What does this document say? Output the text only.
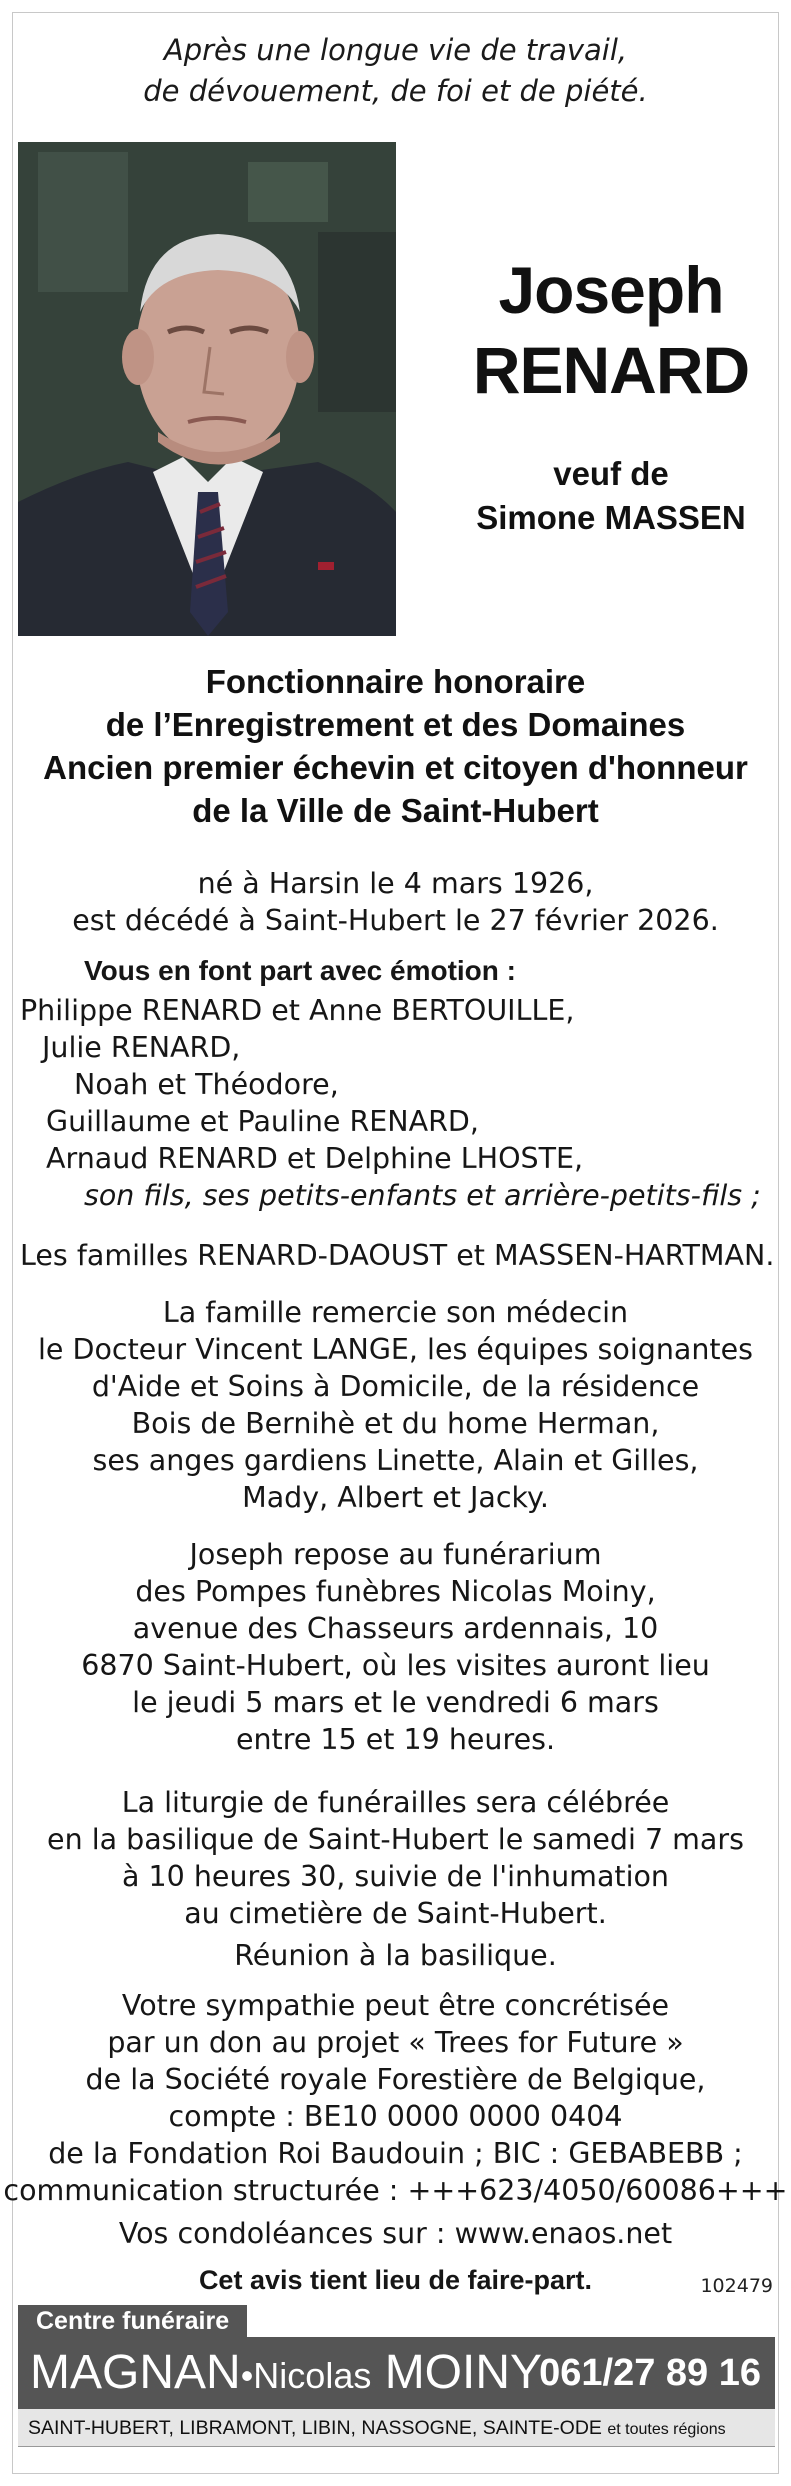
Après une longue vie de travail,
de dévouement, de foi et de piété.
Joseph
RENARD
veuf de
Simone MASSEN
Fonctionnaire honoraire
de l’Enregistrement et des Domaines
Ancien premier échevin et citoyen d'honneur
de la Ville de Saint-Hubert
né à Harsin le 4 mars 1926,
est décédé à Saint-Hubert le 27 février 2026.
Vous en font part avec émotion :
Philippe RENARD et Anne BERTOUILLE,
Julie RENARD,
Noah et Théodore,
Guillaume et Pauline RENARD,
Arnaud RENARD et Delphine LHOSTE,
son fils, ses petits-enfants et arrière-petits-fils ;
Les familles RENARD-DAOUST et MASSEN-HARTMAN.
La famille remercie son médecin
le Docteur Vincent LANGE, les équipes soignantes
d'Aide et Soins à Domicile, de la résidence
Bois de Bernihè et du home Herman,
ses anges gardiens Linette, Alain et Gilles,
Mady, Albert et Jacky.
Joseph repose au funérarium
des Pompes funèbres Nicolas Moiny,
avenue des Chasseurs ardennais, 10
6870 Saint-Hubert, où les visites auront lieu
le jeudi 5 mars et le vendredi 6 mars
entre 15 et 19 heures.
La liturgie de funérailles sera célébrée
en la basilique de Saint-Hubert le samedi 7 mars
à 10 heures 30, suivie de l'inhumation
au cimetière de Saint-Hubert.
Réunion à la basilique.
Votre sympathie peut être concrétisée
par un don au projet « Trees for Future »
de la Société royale Forestière de Belgique,
compte : BE10 0000 0000 0404
de la Fondation Roi Baudouin ; BIC : GEBABEBB ;
communication structurée : +++623/4050/60086+++
Vos condoléances sur : www.enaos.net
Cet avis tient lieu de faire-part.	102479
Centre funéraire
MAGNAN•Nicolas MOINY
061/27 89 16
SAINT-HUBERT, LIBRAMONT, LIBIN, NASSOGNE, SAINTE-ODE et toutes régions
